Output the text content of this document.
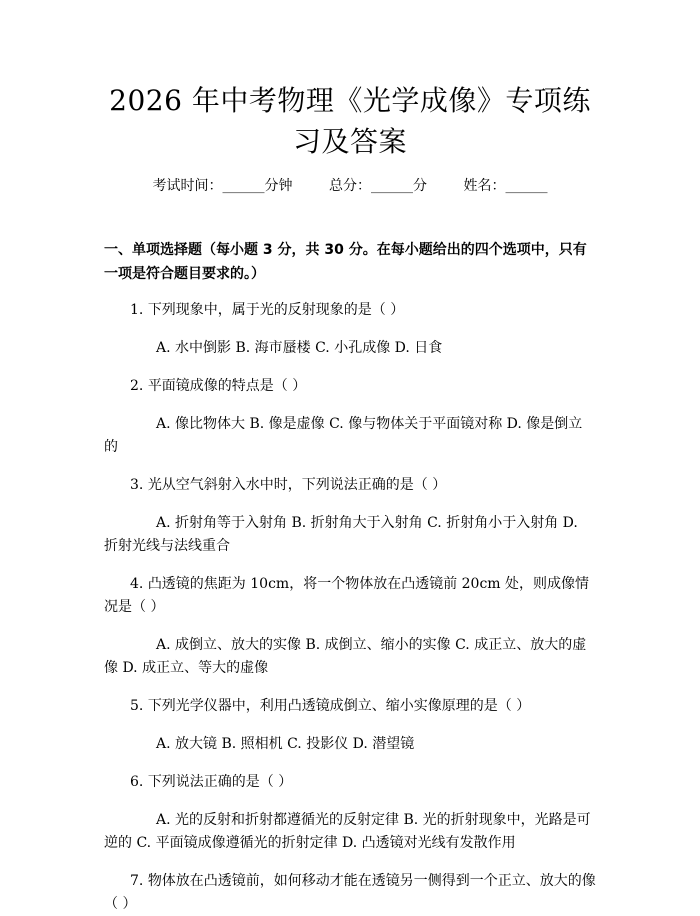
2026 年中考物理《光学成像》专项练习及答案
考试时间：______分钟	总分：______分	姓名：______
一、单项选择题（每小题 3 分，共 30 分。在每小题给出的四个选项中，只有一项是符合题目要求的。）

1. 下列现象中，属于光的反射现象的是（ ）

A. 水中倒影 B. 海市蜃楼 C. 小孔成像 D. 日食

2. 平面镜成像的特点是（ ）

A. 像比物体大 B. 像是虚像 C. 像与物体关于平面镜对称 D. 像是倒立的

3. 光从空气斜射入水中时，下列说法正确的是（ ）

A. 折射角等于入射角 B. 折射角大于入射角 C. 折射角小于入射角 D. 折射光线与法线重合

4. 凸透镜的焦距为 10cm，将一个物体放在凸透镜前 20cm 处，则成像情况是（ ）

A. 成倒立、放大的实像 B. 成倒立、缩小的实像 C. 成正立、放大的虚像 D. 成正立、等大的虚像

5. 下列光学仪器中，利用凸透镜成倒立、缩小实像原理的是（ ）

A. 放大镜 B. 照相机 C. 投影仪 D. 潜望镜

6. 下列说法正确的是（ ）

A. 光的反射和折射都遵循光的反射定律 B. 光的折射现象中，光路是可逆的 C. 平面镜成像遵循光的折射定律 D. 凸透镜对光线有发散作用

7. 物体放在凸透镜前，如何移动才能在透镜另一侧得到一个正立、放大的像（ ）
